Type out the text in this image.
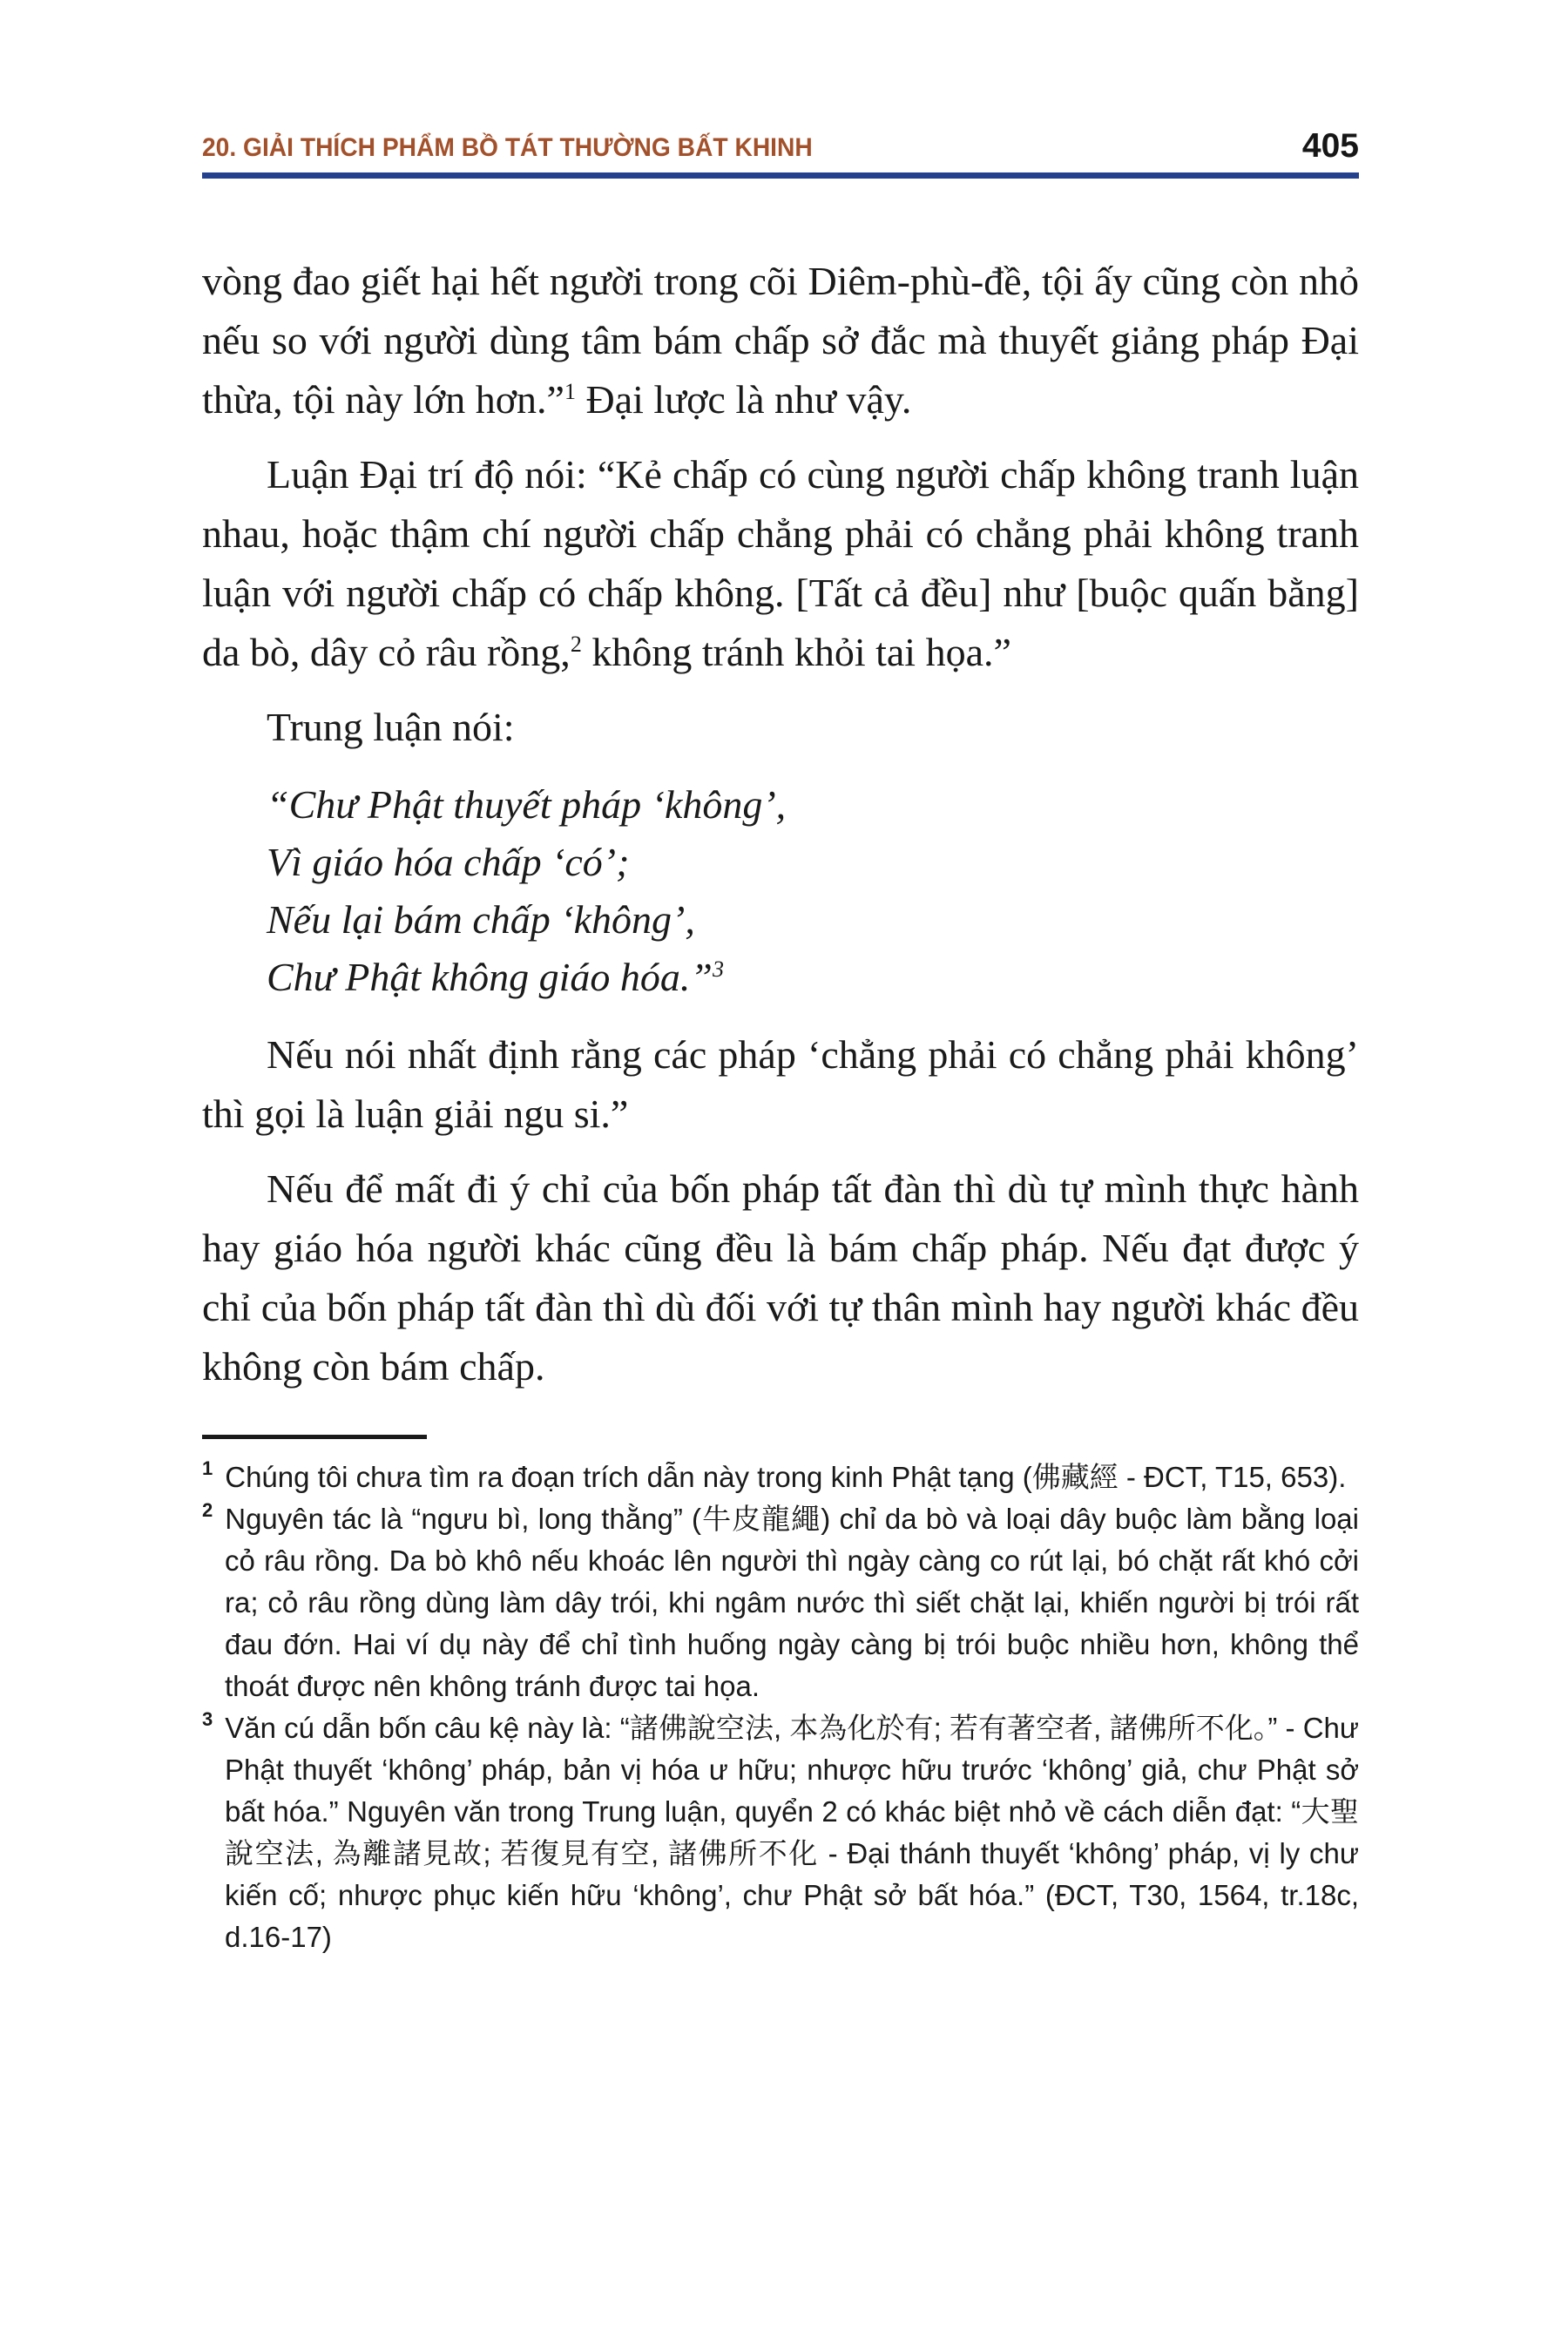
20. GIẢI THÍCH PHẨM BỒ TÁT THƯỜNG BẤT KHINH	405

vòng đao giết hại hết người trong cõi Diêm-phù-đề, tội ấy cũng còn nhỏ nếu so với người dùng tâm bám chấp sở đắc mà thuyết giảng pháp Đại thừa, tội này lớn hơn.”$^1$ Đại lược là như vậy.

Luận Đại trí độ nói: “Kẻ chấp có cùng người chấp không tranh luận nhau, hoặc thậm chí người chấp chẳng phải có chẳng phải không tranh luận với người chấp có chấp không. [Tất cả đều] như [buộc quấn bằng] da bò, dây cỏ râu rồng,$^2$ không tránh khỏi tai họa.”

Trung luận nói:

“Chư Phật thuyết pháp ‘không’,
Vì giáo hóa chấp ‘có’;
Nếu lại bám chấp ‘không’,
Chư Phật không giáo hóa.”$^3$

Nếu nói nhất định rằng các pháp ‘chẳng phải có chẳng phải không’ thì gọi là luận giải ngu si.”

Nếu để mất đi ý chỉ của bốn pháp tất đàn thì dù tự mình thực hành hay giáo hóa người khác cũng đều là bám chấp pháp. Nếu đạt được ý chỉ của bốn pháp tất đàn thì dù đối với tự thân mình hay người khác đều không còn bám chấp.

$^1$ Chúng tôi chưa tìm ra đoạn trích dẫn này trong kinh Phật tạng (佛藏經 - ĐCT, T15, 653).

$^2$ Nguyên tác là “ngưu bì, long thằng” (牛皮龍繩) chỉ da bò và loại dây buộc làm bằng loại cỏ râu rồng. Da bò khô nếu khoác lên người thì ngày càng co rút lại, bó chặt rất khó cởi ra; cỏ râu rồng dùng làm dây trói, khi ngâm nước thì siết chặt lại, khiến người bị trói rất đau đớn. Hai ví dụ này để chỉ tình huống ngày càng bị trói buộc nhiều hơn, không thể thoát được nên không tránh được tai họa.

$^3$ Văn cú dẫn bốn câu kệ này là: “諸佛說空法, 本為化於有; 若有著空者, 諸佛所不化。” - Chư Phật thuyết ‘không’ pháp, bản vị hóa ư hữu; nhược hữu trước ‘không’ giả, chư Phật sở bất hóa.” Nguyên văn trong Trung luận, quyển 2 có khác biệt nhỏ về cách diễn đạt: “大聖說空法, 為離諸見故; 若復見有空, 諸佛所不化 - Đại thánh thuyết ‘không’ pháp, vị ly chư kiến cố; nhược phục kiến hữu ‘không’, chư Phật sở bất hóa.” (ĐCT, T30, 1564, tr.18c, d.16-17)
